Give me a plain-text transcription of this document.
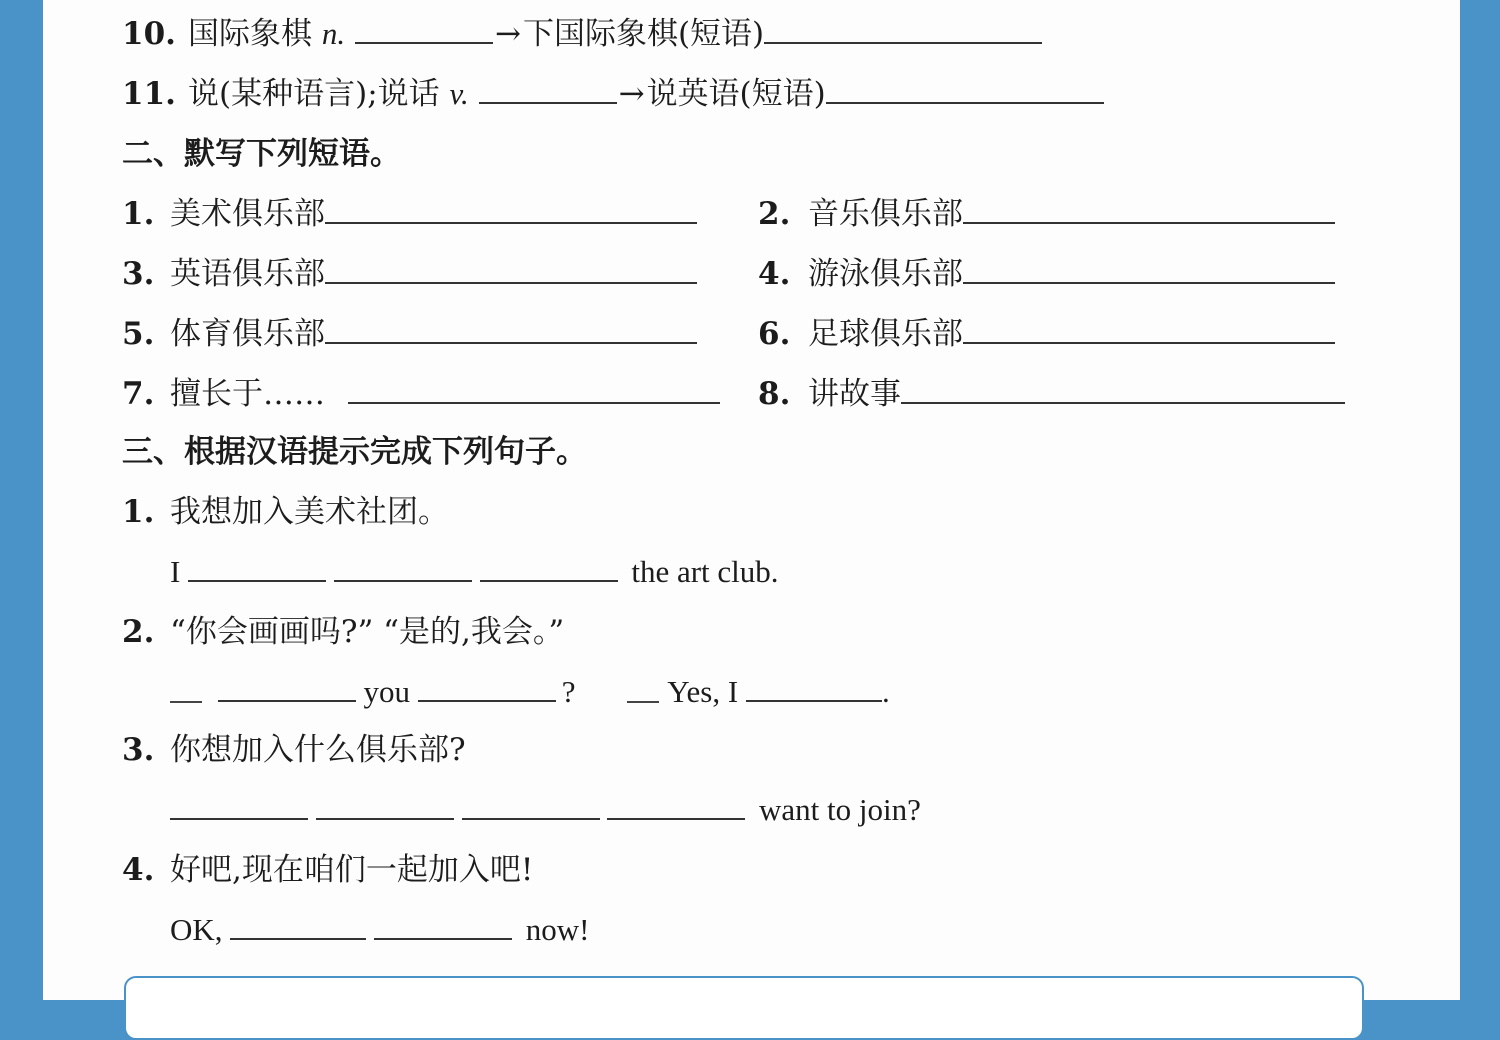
10. 国际象棋 n.	→下国际象棋(短语)
11. 说(某种语言);说话 v.	→说英语(短语)
二、默写下列短语。
1. 美术俱乐部	2. 音乐俱乐部
3. 英语俱乐部	4. 游泳俱乐部
5. 体育俱乐部	6. 足球俱乐部
7. 擅长于……	8. 讲故事
三、根据汉语提示完成下列句子。
1. 我想加入美术社团。
I	the art club.
2. “你会画画吗?” “是的,我会。”
you	?	Yes, I	.
3. 你想加入什么俱乐部?
want to join?
4. 好吧,现在咱们一起加入吧!
OK,	now!
